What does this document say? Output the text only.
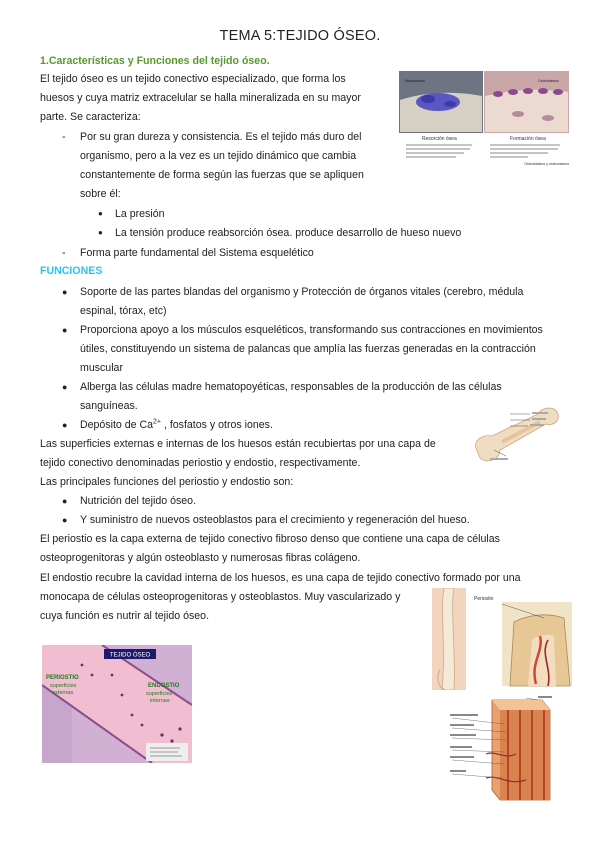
TEMA 5:TEJIDO ÓSEO.
1.Características y Funciones del tejido óseo.
El tejido óseo es un tejido conectivo especializado, que forma los
huesos y cuya matriz extracelular se halla mineralizada en su mayor
parte. Se caracteriza:
- Por su gran dureza y consistencia. Es el tejido más duro del
organismo, pero a la vez es un tejido dinámico que cambia
constantemente de forma según las fuerzas que se apliquen
sobre él:
● La presión
● La tensión produce reabsorción ósea. produce desarrollo de hueso nuevo
- Forma parte fundamental del Sistema esquelético
FUNCIONES
● Soporte de las partes blandas del organismo y Protección de órganos vitales (cerebro, médula
espinal, tórax, etc)
● Proporciona apoyo a los músculos esqueléticos, transformando sus contracciones en movimientos
útiles, constituyendo un sistema de palancas que amplía las fuerzas generadas en la contracción
muscular
● Alberga las células madre hematopoyéticas, responsables de la producción de las células
sanguíneas.
● Depósito de $Ca^{2+}$ , fosfatos y otros iones.
Las superficies externas e internas de los huesos están recubiertas por una capa de
tejido conectivo denominadas periostio y endostio, respectivamente.
Las principales funciones del periostio y endostio son:
● Nutrición del tejido óseo.
● Y suministro de nuevos osteoblastos para el crecimiento y regeneración del hueso.
El periostio es la capa externa de tejido conectivo fibroso denso que contiene una capa de células
osteoprogenitoras y algún osteoblasto y numerosas fibras colágeno.
El endostio recubre la cavidad interna de los huesos, es una capa de tejido conectivo formado por una
monocapa de células osteoprogenitoras y osteoblastos. Muy vascularizado y
cuya función es nutrir al tejido óseo.
Osteoclastos	Osteoblastos
Resorción ósea	Formación ósea
Osteoblastos y osteoclastos
Periostio
TEJIDO ÓSEO
PERIOSTIO
superficies
externas
ENDOSTIO
superficies
internas
